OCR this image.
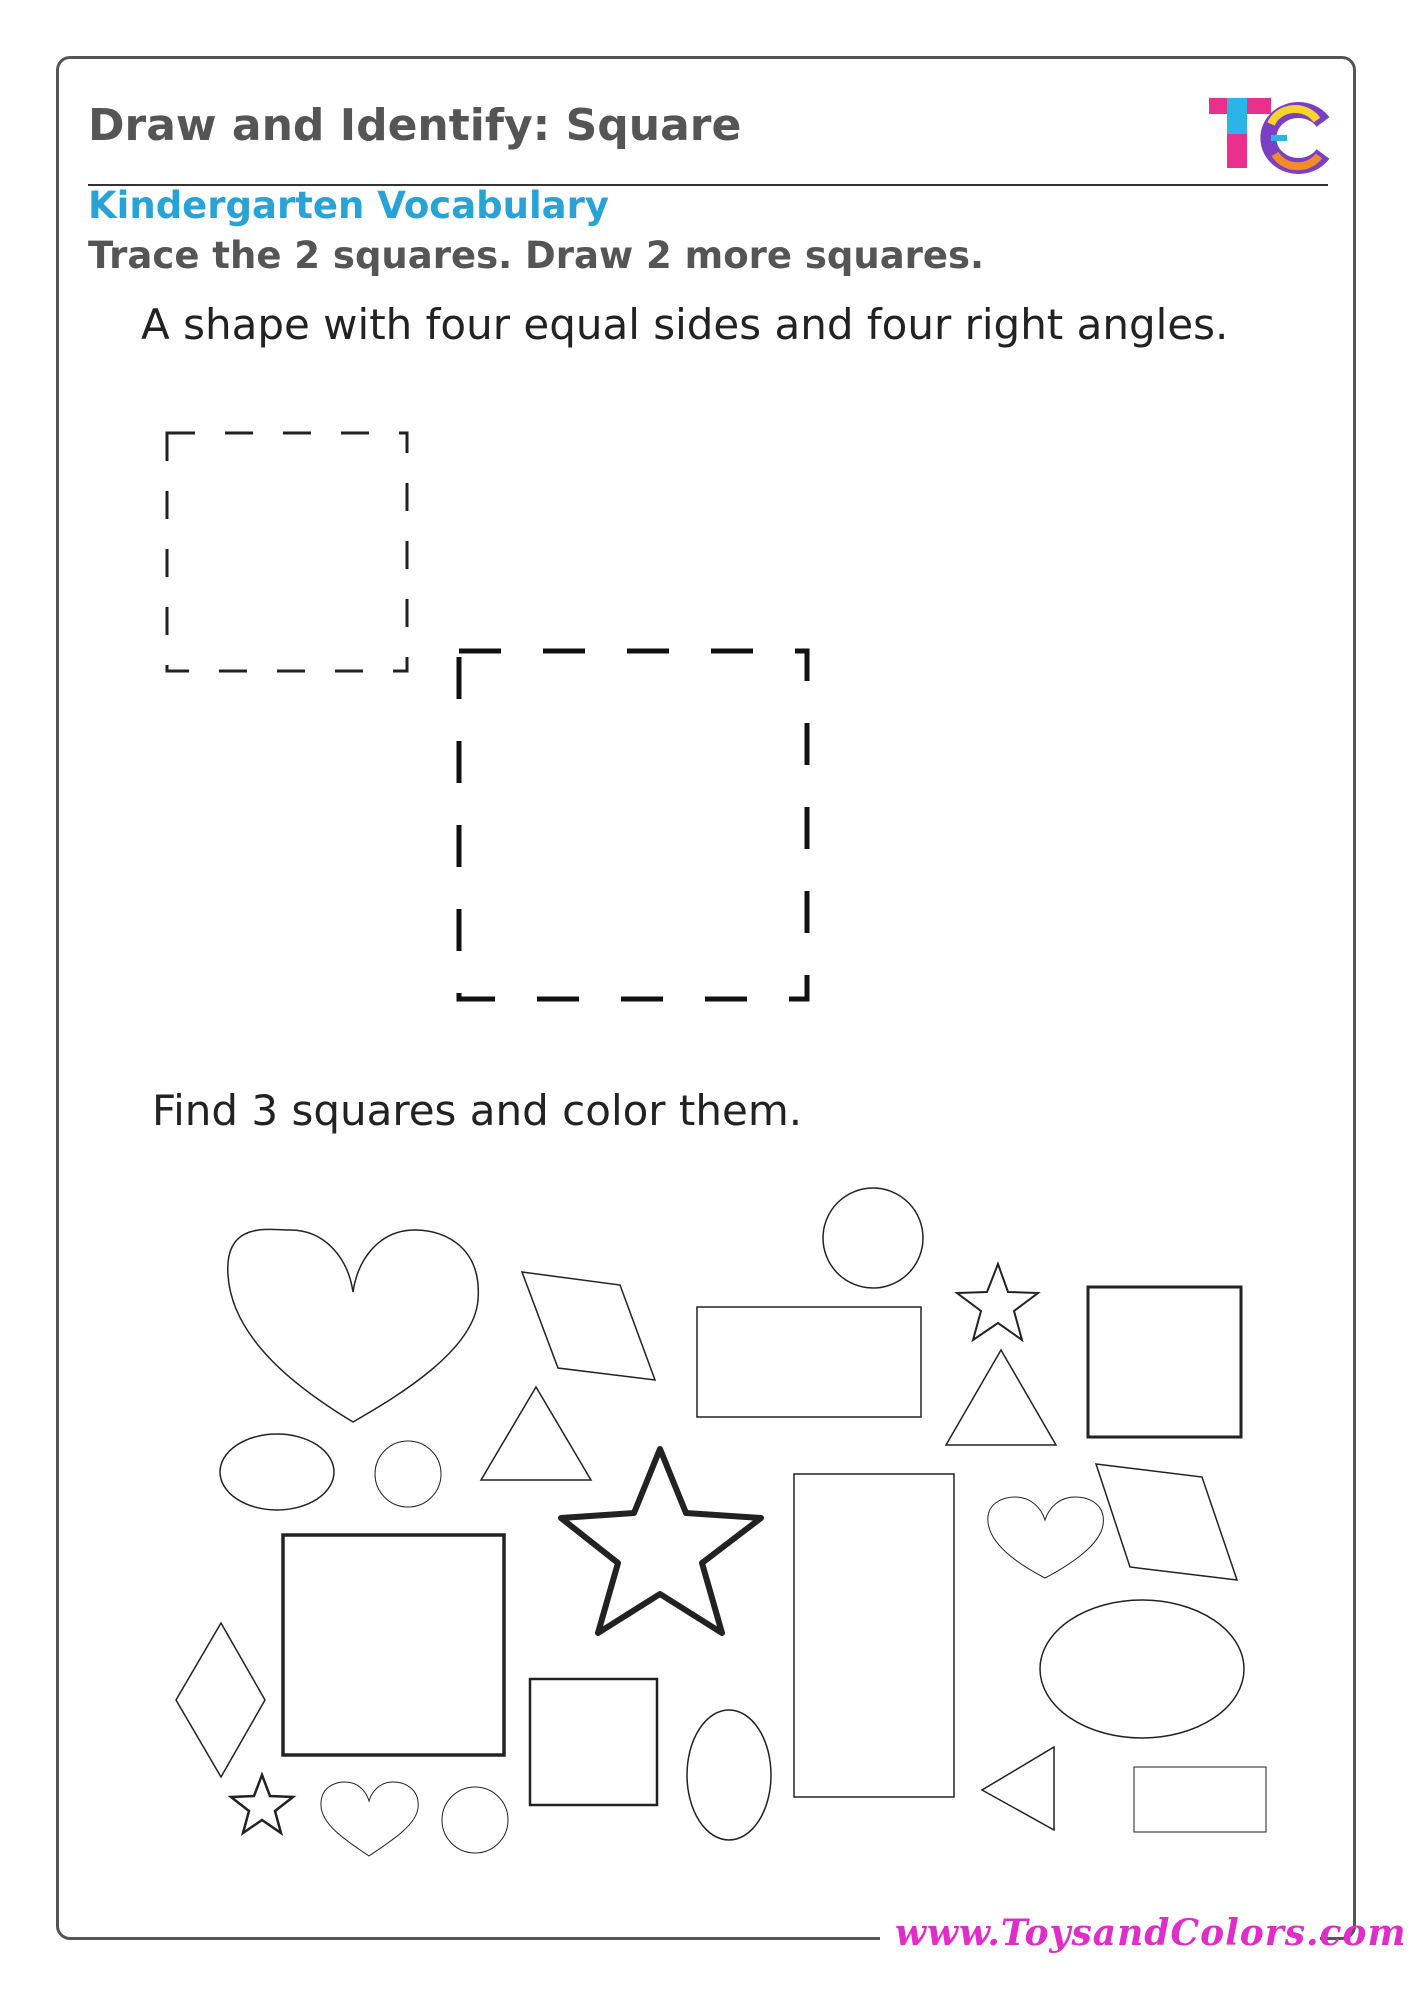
Draw and Identify: Square
Kindergarten Vocabulary
Trace the 2 squares. Draw 2 more squares.
A shape with four equal sides and four right angles.
Find 3 squares and color them.
www.ToysandColors.com
